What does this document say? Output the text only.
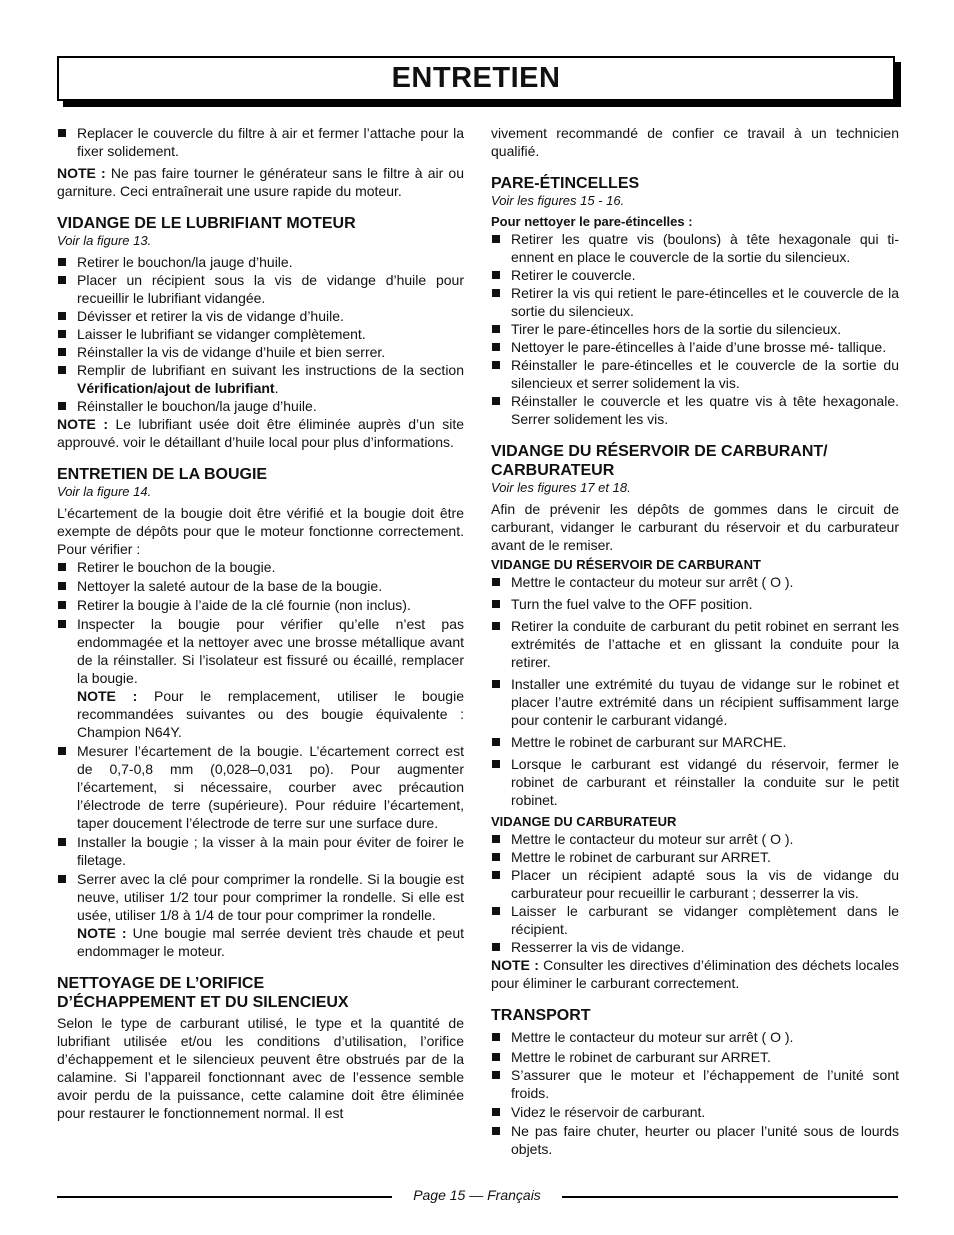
ENTRETIEN
Replacer le couvercle du filtre à air et fermer l’attache pour la fixer solidement.

NOTE : Ne pas faire tourner le générateur sans le filtre à air ou garniture. Ceci entraînerait une usure rapide du moteur.

VIDANGE DE LE LUBRIFIANT MOTEUR
Voir la figure 13.
Retirer le bouchon/la jauge d’huile.
Placer un récipient sous la vis de vidange d’huile pour recueillir le lubrifiant vidangée.
Dévisser et retirer la vis de vidange d’huile.
Laisser le lubrifiant se vidanger complètement.
Réinstaller la vis de vidange d’huile et bien serrer.
Remplir de lubrifiant en suivant les instructions de la section Vérification/ajout de lubrifiant.
Réinstaller le bouchon/la jauge d’huile.

NOTE : Le lubrifiant usée doit être éliminée auprès d’un site approuvé. voir le détaillant d’huile local pour plus d’informations.

ENTRETIEN DE LA BOUGIE
Voir la figure 14.

L’écartement de la bougie doit être vérifié et la bougie doit être exempte de dépôts pour que le moteur fonctionne correctement. Pour vérifier :

Retirer le bouchon de la bougie.
Nettoyer la saleté autour de la base de la bougie.
Retirer la bougie à l’aide de la clé fournie (non inclus).
Inspecter la bougie pour vérifier qu’elle n’est pas endommagée et la nettoyer avec une brosse métallique avant de la réinstaller. Si l’isolateur est fissuré ou écaillé, remplacer la bougie.
NOTE : Pour le remplacement, utiliser le bougie recommandées suivantes ou des bougie équivalente : Champion N64Y.
Mesurer l’écartement de la bougie. L’écartement correct est de 0,7-0,8 mm (0,028–0,031 po). Pour augmenter l’écartement, si nécessaire, courber avec précaution l’électrode de terre (supérieure). Pour réduire l’écartement, taper doucement l’électrode de terre sur une surface dure.
Installer la bougie ; la visser à la main pour éviter de foirer le filetage.
Serrer avec la clé pour comprimer la rondelle. Si la bougie est neuve, utiliser 1/2 tour pour comprimer la rondelle. Si elle est usée, utiliser 1/8 à 1/4 de tour pour comprimer la rondelle.
NOTE : Une bougie mal serrée devient très chaude et peut endommager le moteur.
NETTOYAGE DE L’ORIFICE
D’ÉCHAPPEMENT ET DU SILENCIEUX

Selon le type de carburant utilisé, le type et la quantité de lubrifiant utilisée et/ou les conditions d’utilisation, l’orifice d’échappement et le silencieux peuvent être obstrués par de la calamine. Si l’appareil fonctionnant avec de l’essence semble avoir perdu de la puissance, cette calamine doit être éliminée pour restaurer le fonctionnement normal. Il est

vivement recommandé de confier ce travail à un technicien qualifié.

PARE-ÉTINCELLES
Voir les figures 15 - 16.
Pour nettoyer le pare-étincelles :
Retirer les quatre vis (boulons) à tête hexagonale qui ti- ennent en place le couvercle de la sortie du silencieux.
Retirer le couvercle.
Retirer la vis qui retient le pare-étincelles et le couvercle de la sortie du silencieux.
Tirer le pare-étincelles hors de la sortie du silencieux.
Nettoyer le pare-étincelles à l’aide d’une brosse mé- tallique.
Réinstaller le pare-étincelles et le couvercle de la sortie du silencieux et serrer solidement la vis.
Réinstaller le couvercle et les quatre vis à tête hexagonale. Serrer solidement les vis.
VIDANGE DU RÉSERVOIR DE CARBURANT/ CARBURATEUR
Voir les figures 17 et 18.

Afin de prévenir les dépôts de gommes dans le circuit de carburant, vidanger le carburant du réservoir et du carburateur avant de le remiser.

VIDANGE DU RÉSERVOIR DE CARBURANT
Mettre le contacteur du moteur sur arrêt ( O ).
Turn the fuel valve to the OFF position.
Retirer la conduite de carburant du petit robinet en serrant les extrémités de l’attache et en glissant la conduite pour la retirer.
Installer une extrémité du tuyau de vidange sur le robinet et placer l’autre extrémité dans un récipient suffisamment large pour contenir le carburant vidangé.
Mettre le robinet de carburant sur MARCHE.
Lorsque le carburant est vidangé du réservoir, fermer le robinet de carburant et réinstaller la conduite sur le petit robinet.
VIDANGE DU CARBURATEUR
Mettre le contacteur du moteur sur arrêt ( O ).
Mettre le robinet de carburant sur ARRET.
Placer un récipient adapté sous la vis de vidange du carburateur pour recueillir le carburant ; desserrer la vis.
Laisser le carburant se vidanger complètement dans le récipient.
Resserrer la vis de vidange.

NOTE : Consulter les directives d’élimination des déchets locales pour éliminer le carburant correctement.

TRANSPORT
Mettre le contacteur du moteur sur arrêt ( O ).
Mettre le robinet de carburant sur ARRET.
S’assurer que le moteur et l’échappement de l’unité sont froids.
Videz le réservoir de carburant.
Ne pas faire chuter, heurter ou placer l’unité sous de lourds objets.
Page 15 — Français
